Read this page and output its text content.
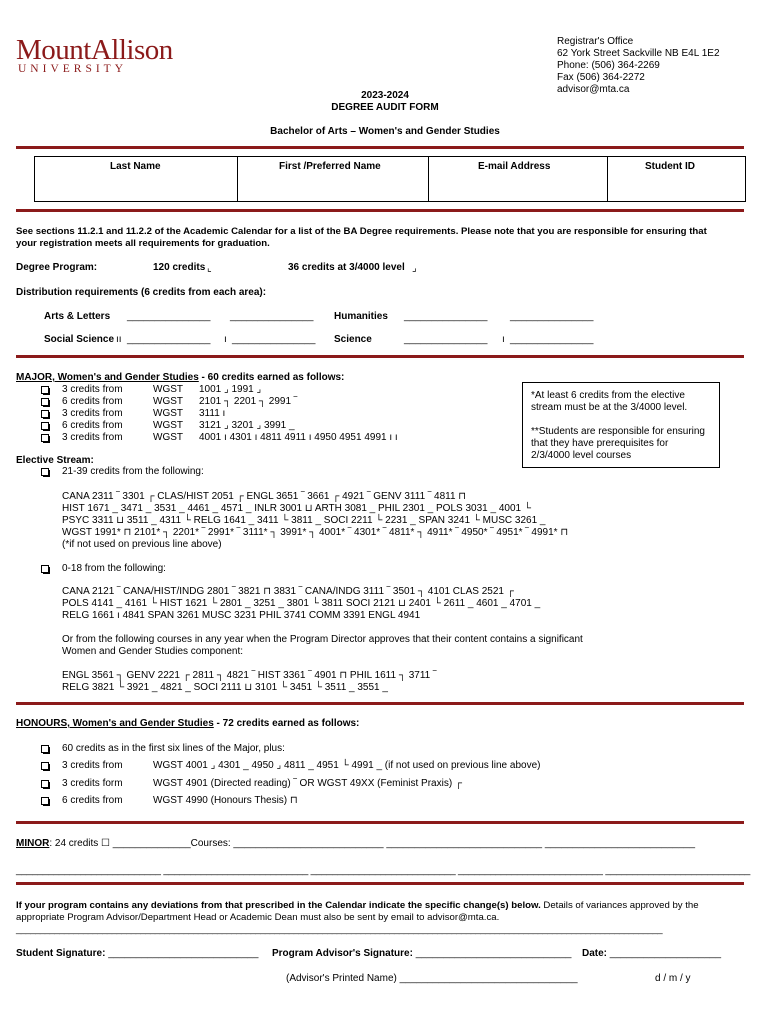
MountAllison
UNIVERSITY
Registrar's Office
62 York Street Sackville NB E4L 1E2
Phone: (506) 364-2269
Fax (506) 364-2272
advisor@mta.ca
2023-2024
DEGREE AUDIT FORM
Bachelor of Arts – Women's and Gender Studies
Last Name	First /Preferred Name	E-mail Address	Student ID
See sections 11.2.1 and 11.2.2 of the Academic Calendar for a list of the BA Degree requirements. Please note that you are responsible for ensuring that
your registration meets all requirements for graduation.
Degree Program:	120 credits ⌞	36 credits at 3/4000 level ⌟
Distribution requirements (6 credits from each area):
Arts & Letters _______________ _______________ Humanities _______________ _______________
Social Science ıı _______________ ı _______________ Science	_______________ ı _______________
MAJOR, Women's and Gender Studies - 60 credits earned as follows:
3 credits from	WGST 1001 ⌟ 1991 ⌟
6 credits from	WGST 2101 ┐ 2201 ┐ 2991 ‾
3 credits from	WGST 3111 ı
6 credits from	WGST 3121 ⌟ 3201 ⌟ 3991 _
3 credits from	WGST 4001 ı 4301 ı 4811 4911 ı 4950 4951 4991 ı ı
*At least 6 credits from the elective
stream must be at the 3/4000 level.
**Students are responsible for ensuring
that they have prerequisites for
2/3/4000 level courses
Elective Stream:
21-39 credits from the following:
CANA 2311 ‾ 3301 ┌ CLAS/HIST 2051 ┌ ENGL 3651 ‾ 3661 ┌ 4921 ‾ GENV 3111 ‾ 4811 ⊓
HIST 1671 _ 3471 _ 3531 _ 4461 _ 4571 _ INLR 3001 ⊔ ARTH 3081 _ PHIL 2301 _ POLS 3031 _ 4001 └
PSYC 3311 ⊔ 3511 _ 4311 └ RELG 1641 _ 3411 └ 3811 _ SOCI 2211 └ 2231 _ SPAN 3241 └ MUSC 3261 _
WGST 1991* ⊓ 2101* ┐ 2201* ‾ 2991* ‾ 3111* ┐ 3991* ┐ 4001* ‾ 4301* ‾ 4811* ┐ 4911* ‾ 4950* ‾ 4951* ‾ 4991* ⊓
(*if not used on previous line above)
0-18 from the following:
CANA 2121 ‾ CANA/HIST/INDG 2801 ‾ 3821 ⊓ 3831 ‾ CANA/INDG 3111 ‾ 3501 ┐ 4101 CLAS 2521 ┌
POLS 4141 _ 4161 └ HIST 1621 └ 2801 _ 3251 _ 3801 └ 3811 SOCI 2121 ⊔ 2401 └ 2611 _ 4601 _ 4701 _
RELG 1661 ı 4841 SPAN 3261 MUSC 3231 PHIL 3741 COMM 3391 ENGL 4941
Or from the following courses in any year when the Program Director approves that their content contains a significant
Women and Gender Studies component:
ENGL 3561 ┐ GENV 2221 ┌ 2811 ┐ 4821 ‾ HIST 3361 ‾ 4901 ⊓ PHIL 1611 ┐ 3711 ‾
RELG 3821 └ 3921 _ 4821 _ SOCI 2111 ⊔ 3101 └ 3451 └ 3511 _ 3551 _
HONOURS, Women's and Gender Studies - 72 credits earned as follows:
60 credits as in the first six lines of the Major, plus:
3 credits from	WGST 4001 ⌟ 4301 _ 4950 ⌟ 4811 _ 4951 └ 4991 _ (if not used on previous line above)
3 credits form	WGST 4901 (Directed reading) ‾ OR WGST 49XX (Feminist Praxis) ┌
6 credits from	WGST 4990 (Honours Thesis) ⊓
MINOR: 24 credits ☐ ______________Courses: ___________________________ ____________________________ ___________________________
___________________________ ___________________________ ___________________________ ___________________________ ___________________________
If your program contains any deviations from that prescribed in the Calendar indicate the specific change(s) below. Details of variances approved by the
appropriate Program Advisor/Department Head or Academic Dean must also be sent by email to advisor@mta.ca.
_______________________________________________________________________________________________________________________________________
Student Signature: ___________________________ Program Advisor's Signature: ____________________________ Date: ____________________
(Advisor's Printed Name) ________________________________	d / m / y
